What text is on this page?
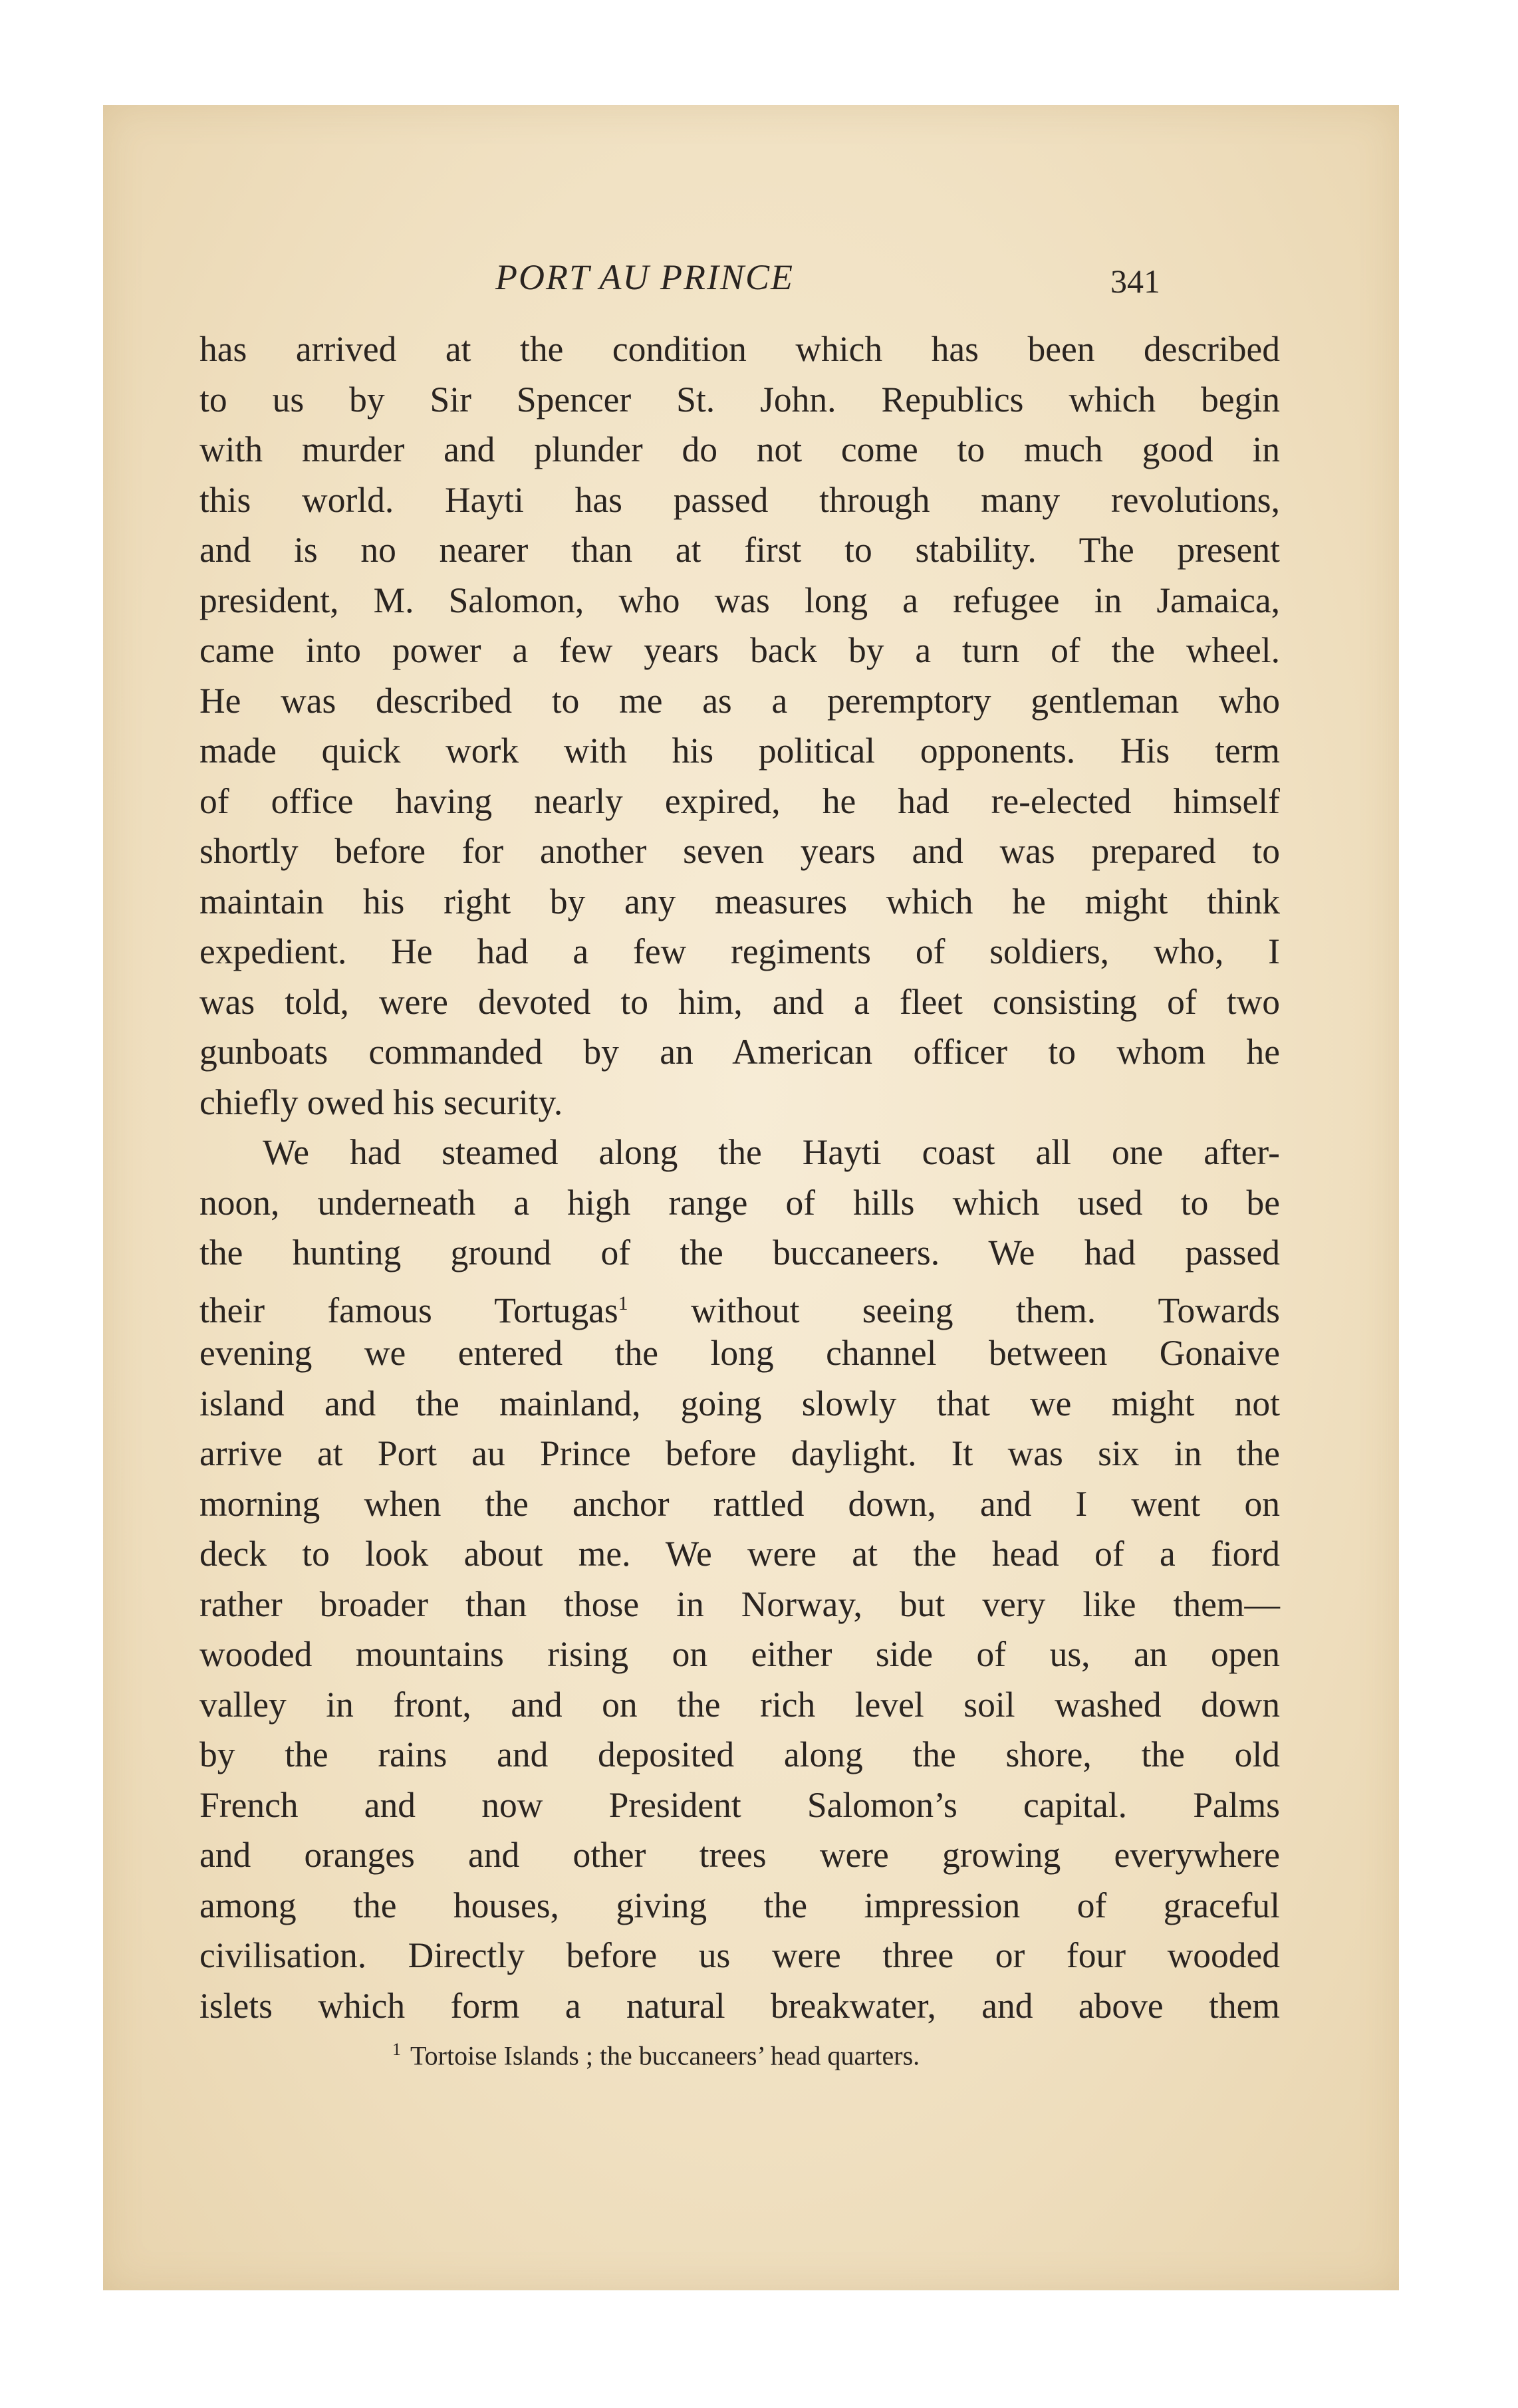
PORT AU PRINCE	341
has arrived at the condition which has been described
to us by Sir Spencer St. John. Republics which begin
with murder and plunder do not come to much good in
this world. Hayti has passed through many revolutions,
and is no nearer than at first to stability. The present
president, M. Salomon, who was long a refugee in Jamaica,
came into power a few years back by a turn of the wheel.
He was described to me as a peremptory gentleman who
made quick work with his political opponents. His term
of office having nearly expired, he had re-elected himself
shortly before for another seven years and was prepared to
maintain his right by any measures which he might think
expedient. He had a few regiments of soldiers, who, I
was told, were devoted to him, and a fleet consisting of two
gunboats commanded by an American officer to whom he
chiefly owed his security.
We had steamed along the Hayti coast all one after-
noon, underneath a high range of hills which used to be
the hunting ground of the buccaneers. We had passed
their famous Tortugas$^1$ without seeing them. Towards
evening we entered the long channel between Gonaive
island and the mainland, going slowly that we might not
arrive at Port au Prince before daylight. It was six in the
morning when the anchor rattled down, and I went on
deck to look about me. We were at the head of a fiord
rather broader than those in Norway, but very like them—
wooded mountains rising on either side of us, an open
valley in front, and on the rich level soil washed down
by the rains and deposited along the shore, the old
French and now President Salomon’s capital. Palms
and oranges and other trees were growing everywhere
among the houses, giving the impression of graceful
civilisation. Directly before us were three or four wooded
islets which form a natural breakwater, and above them
$^1$ Tortoise Islands ; the buccaneers’ head quarters.
